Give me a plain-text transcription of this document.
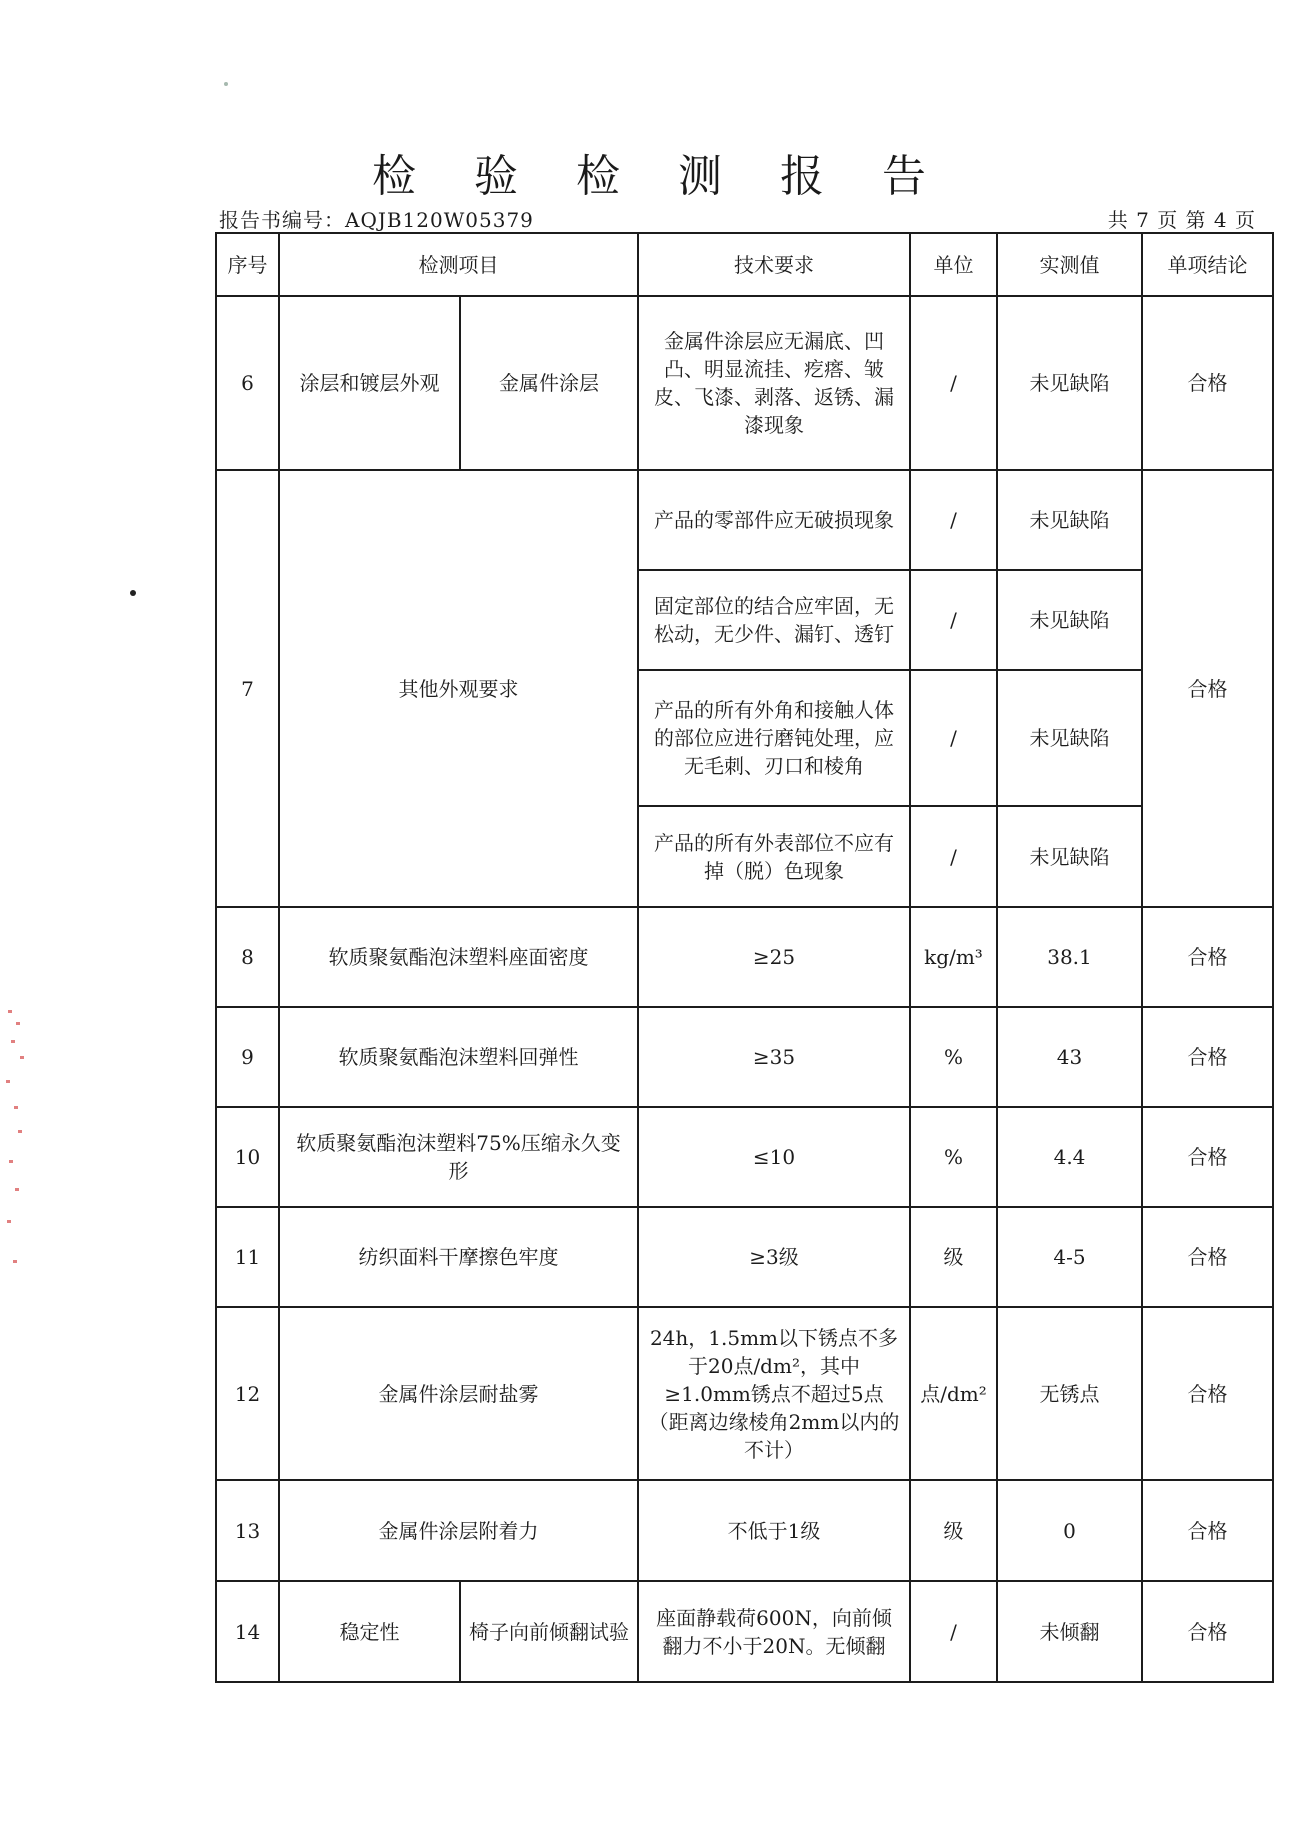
检 验 检 测 报 告
报告书编号：AQJB120W05379	共 7 页 第 4 页
序号	检测项目		技术要求	单位	实测值	单项结论
6	涂层和镀层外观	金属件涂层	金属件涂层应无漏底、凹凸、明显流挂、疙瘩、皱皮、飞漆、剥落、返锈、漏漆现象	/	未见缺陷	合格
7	其他外观要求		产品的零部件应无破损现象	/	未见缺陷	合格
			固定部位的结合应牢固，无松动，无少件、漏钉、透钉	/	未见缺陷	
			产品的所有外角和接触人体的部位应进行磨钝处理，应无毛刺、刃口和棱角	/	未见缺陷	
			产品的所有外表部位不应有掉（脱）色现象	/	未见缺陷	
8	软质聚氨酯泡沫塑料座面密度		≥25	kg/m³	38.1	合格
9	软质聚氨酯泡沫塑料回弹性		≥35	%	43	合格
10	软质聚氨酯泡沫塑料75%压缩永久变形		≤10	%	4.4	合格
11	纺织面料干摩擦色牢度		≥3级	级	4-5	合格
12	金属件涂层耐盐雾		24h，1.5mm以下锈点不多于20点/dm²，其中≥1.0mm锈点不超过5点（距离边缘棱角2mm以内的不计）	点/dm²	无锈点	合格
13	金属件涂层附着力		不低于1级	级	0	合格
14	稳定性	椅子向前倾翻试验	座面静载荷600N，向前倾翻力不小于20N。无倾翻	/	未倾翻	合格
